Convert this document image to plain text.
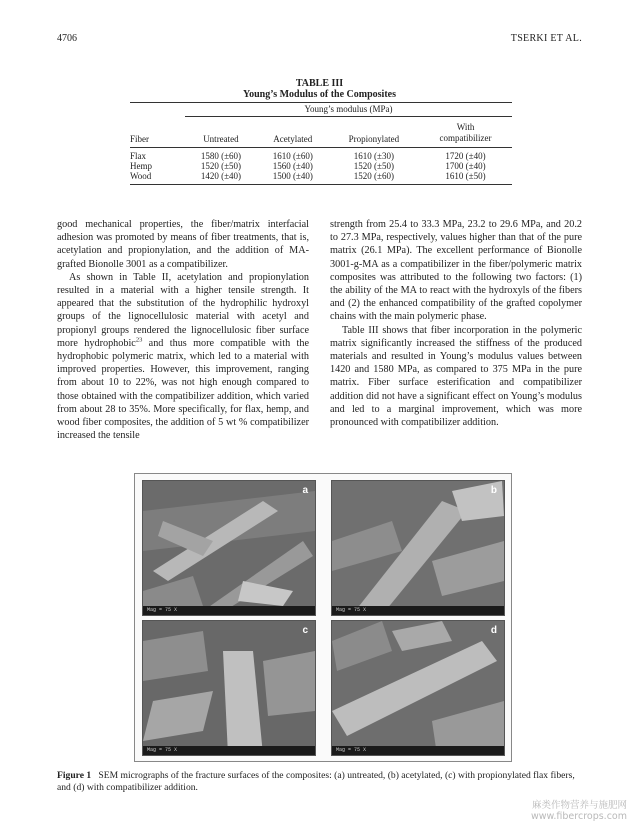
4706	TSERKI ET AL.
TABLE III
Young’s Modulus of the Composites
	Young’s modulus (MPa)			
Fiber	Untreated	Acetylated	Propionylated	With
compatibilizer

Flax	1580 (±60)	1610 (±60)	1610 (±30)	1720 (±40)
Hemp	1520 (±50)	1560 (±40)	1520 (±50)	1700 (±40)
Wood	1420 (±40)	1500 (±40)	1520 (±60)	1610 (±50)

good mechanical properties, the fiber/matrix interfacial adhesion was promoted by means of fiber treatments, that is, acetylation and propionylation, and the addition of MA-grafted Bionolle 3001 as a compatibilizer.

As shown in Table II, acetylation and propionylation resulted in a material with a higher tensile strength. It appeared that the substitution of the hydrophilic hydroxyl groups of the lignocellulosic material with acetyl and propionyl groups rendered the lignocellulosic fiber surface more hydrophobic$^{23}$ and thus more compatible with the hydrophobic polymeric matrix, which led to a material with improved properties. However, this improvement, ranging from about 10 to 22%, was not high enough compared to those obtained with the compatibilizer addition, which varied from about 28 to 35%. More specifically, for flax, hemp, and wood fiber composites, the addition of 5 wt % compatibilizer increased the tensile

strength from 25.4 to 33.3 MPa, 23.2 to 29.6 MPa, and 20.2 to 27.3 MPa, respectively, values higher than that of the pure matrix (26.1 MPa). The excellent performance of Bionolle 3001-g-MA as a compatibilizer in the fiber/polymeric matrix composites was attributed to the following two factors: (1) the ability of the MA to react with the hydroxyls of the fibers and (2) the enhanced compatibility of the grafted copolymer chains with the main polymeric phase.

Table III shows that fiber incorporation in the polymeric matrix significantly increased the stiffness of the produced materials and resulted in Young’s modulus values between 1420 and 1580 MPa, as compared to 375 MPa in the pure matrix. Fiber surface esterification and compatibilizer addition did not have a significant effect on Young’s modulus and led to a marginal improvement, which was more pronounced with compatibilizer addition.

a
Mag = 75 X
b
Mag = 75 X
c
Mag = 75 X
d
Mag = 75 X
Figure 1 SEM micrographs of the fracture surfaces of the composites: (a) untreated, (b) acetylated, (c) with propionylated flax fibers, and (d) with compatibilizer addition.
麻类作物营养与施肥网
www.fibercrops.com
